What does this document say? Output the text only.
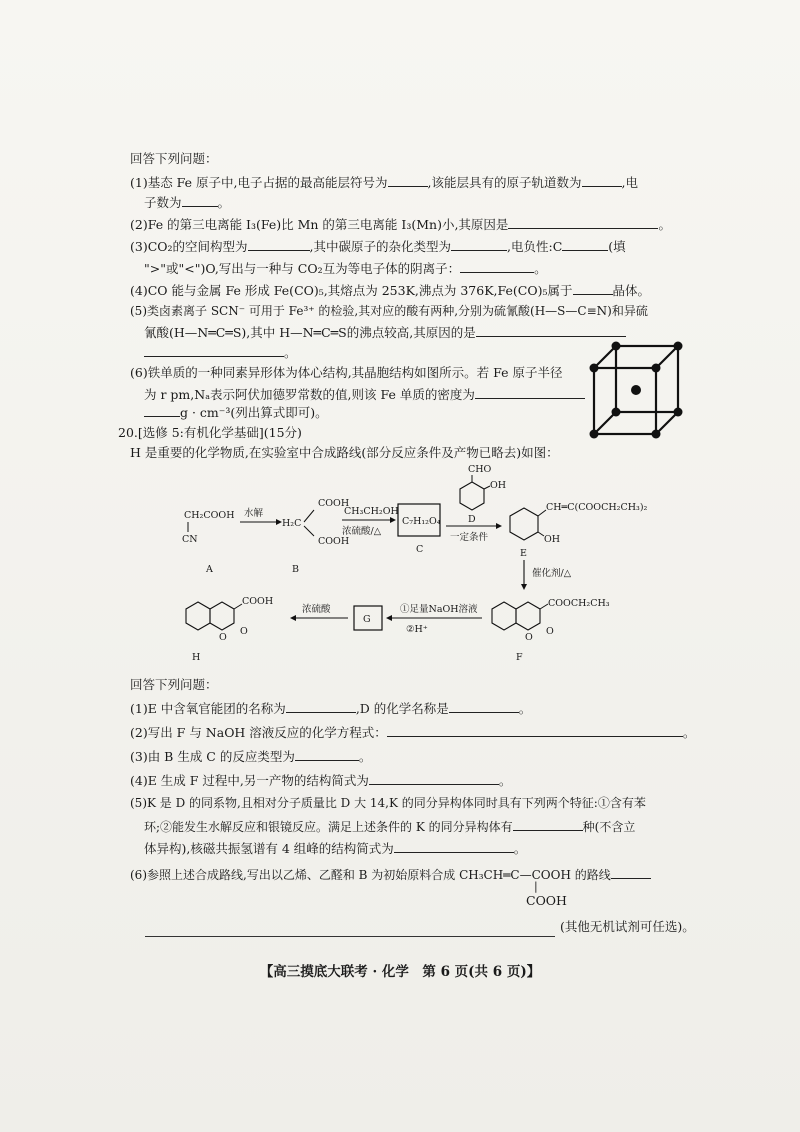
回答下列问题：
(1)基态 Fe 原子中,电子占据的最高能层符号为	,该能层具有的原子轨道数为	,电
子数为	。
(2)Fe 的第三电离能 I₃(Fe)比 Mn 的第三电离能 I₃(Mn)小,其原因是	。
(3)CO₂的空间构型为	,其中碳原子的杂化类型为	,电负性:C	(填
">"或"<")O,写出与一种与 CO₂互为等电子体的阴离子：	。
(4)CO 能与金属 Fe 形成 Fe(CO)₅,其熔点为 253K,沸点为 376K,Fe(CO)₅属于	晶体。
(5)类卤素离子 SCN⁻ 可用于 Fe³⁺ 的检验,其对应的酸有两种,分别为硫氰酸(H—S—C≡N)和异硫
氰酸(H—N═C═S),其中 H—N═C═S的沸点较高,其原因的是
。
(6)铁单质的一种同素异形体为体心结构,其晶胞结构如图所示。若 Fe 原子半径
为 r pm,Nₐ表示阿伏加德罗常数的值,则该 Fe 单质的密度为
g · cm⁻³(列出算式即可)。
20.[选修 5:有机化学基础](15分)
H 是重要的化学物质,在实验室中合成路线(部分反应条件及产物已略去)如图：
CH₂COOH
CN
A
水解
COOH
H₂C
COOH
B
CH₃CH₂OH
浓硫酸/△
C₇H₁₂O₄
C
CHO
OH
D
一定条件
CH═C(COOCH₂CH₃)₂
OH
E
催化剂/△
COOCH₂CH₃
O
O
F
①足量NaOH溶液
②H⁺
G
浓硫酸
COOH
O
O
H
回答下列问题：
(1)E 中含氧官能团的名称为	,D 的化学名称是	。
(2)写出 F 与 NaOH 溶液反应的化学方程式：	。
(3)由 B 生成 C 的反应类型为	。
(4)E 生成 F 过程中,另一产物的结构简式为	。
(5)K 是 D 的同系物,且相对分子质量比 D 大 14,K 的同分异构体同时具有下列两个特征:①含有苯
环;②能发生水解反应和银镜反应。满足上述条件的 K 的同分异构体有	种(不含立
体异构),核磁共振氢谱有 4 组峰的结构简式为	。
(6)参照上述合成路线,写出以乙烯、乙醛和 B 为初始原料合成 CH₃CH═C—COOH 的路线
|
COOH
(其他无机试剂可任选)。
【高三摸底大联考 · 化学　第 6 页(共 6 页)】
